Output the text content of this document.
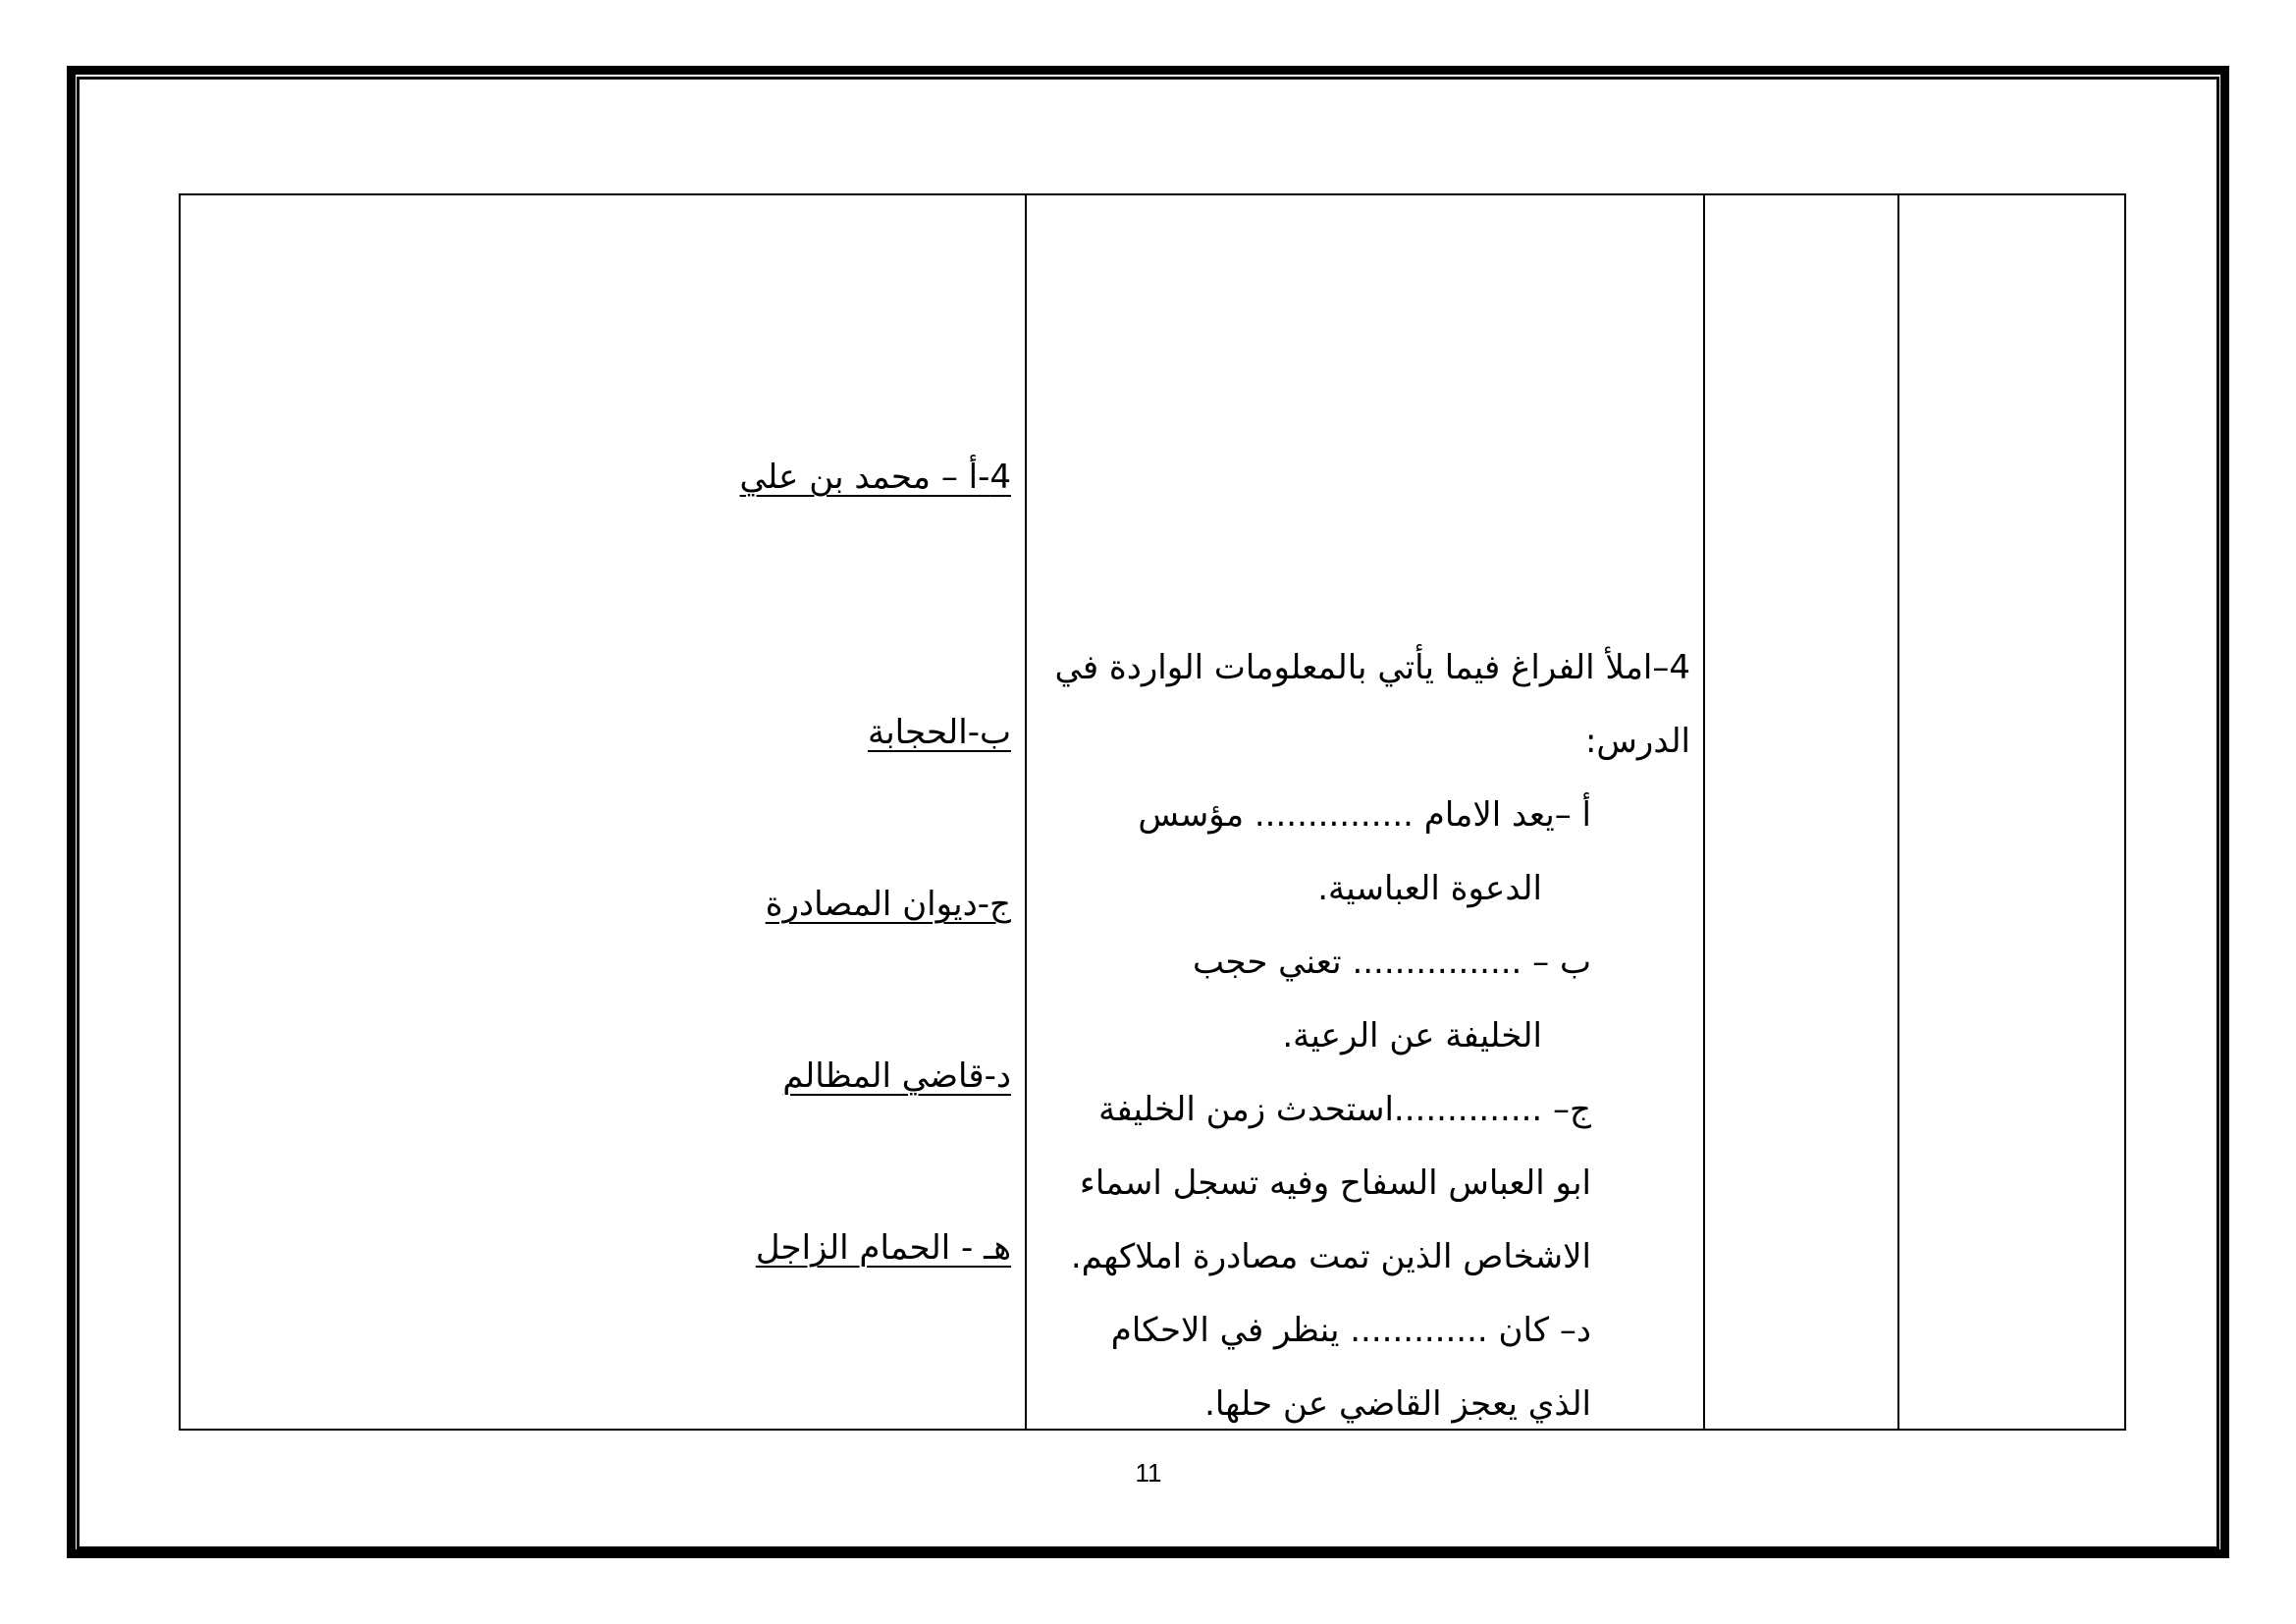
4-أ – محمد بن علي
ب-الحجابة
ج-ديوان المصادرة
د-قاضي المظالم
هـ - الحمام الزاجل
4–املأ الفراغ فيما يأتي بالمعلومات الواردة في
الدرس:
أ –يعد الامام ............... مؤسس
الدعوة العباسية.
ب – ................ تعني حجب
الخليفة عن الرعية.
ج– ..............استحدث زمن الخليفة
ابو العباس السفاح وفيه تسجل اسماء
الاشخاص الذين تمت مصادرة املاكهم.
د– كان ............. ينظر في الاحكام
الذي يعجز القاضي عن حلها.
11
